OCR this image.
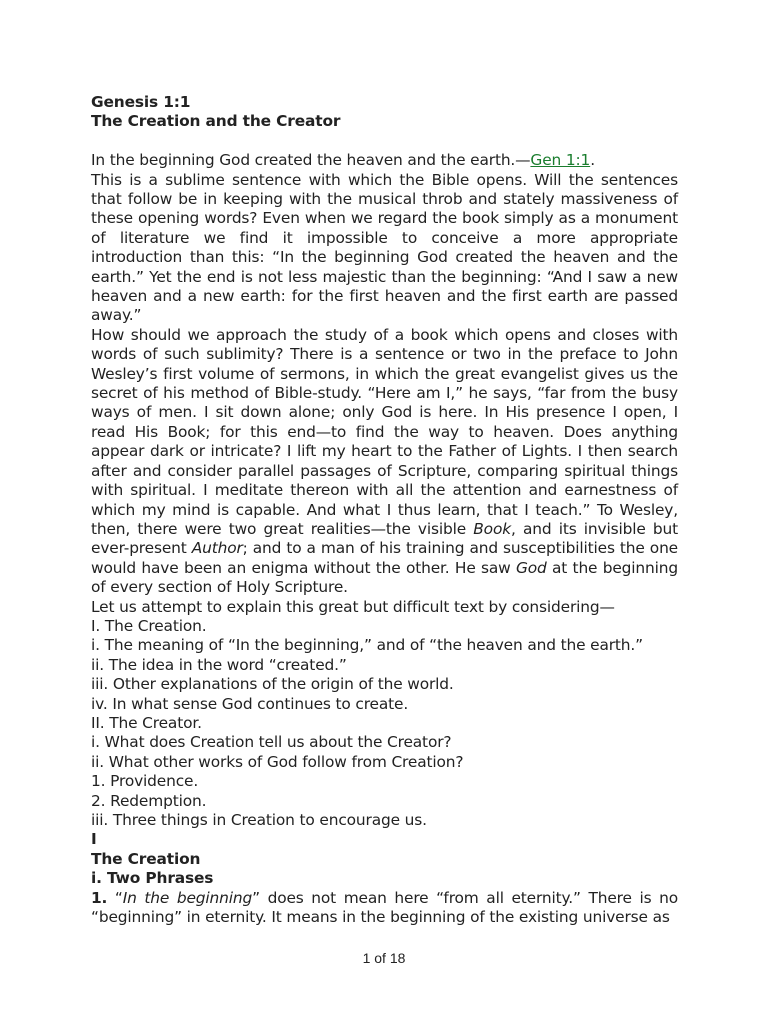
Genesis 1:1

The Creation and the Creator

In the beginning God created the heaven and the earth.—Gen 1:1.

This is a sublime sentence with which the Bible opens. Will the sentences that follow be in keeping with the musical throb and stately massiveness of these opening words? Even when we regard the book simply as a monument of literature we find it impossible to conceive a more appropriate introduction than this: “In the beginning God created the heaven and the earth.” Yet the end is not less majestic than the beginning: “And I saw a new heaven and a new earth: for the first heaven and the first earth are passed away.”

How should we approach the study of a book which opens and closes with words of such sublimity? There is a sentence or two in the preface to John Wesley’s first volume of sermons, in which the great evangelist gives us the secret of his method of Bible-study. “Here am I,” he says, “far from the busy ways of men. I sit down alone; only God is here. In His presence I open, I read His Book; for this end—to find the way to heaven. Does anything appear dark or intricate? I lift my heart to the Father of Lights. I then search after and consider parallel passages of Scripture, comparing spiritual things with spiritual. I meditate thereon with all the attention and earnestness of which my mind is capable. And what I thus learn, that I teach.” To Wesley, then, there were two great realities—the visible Book, and its invisible but ever-present Author; and to a man of his training and susceptibilities the one would have been an enigma without the other. He saw God at the beginning of every section of Holy Scripture.

Let us attempt to explain this great but difficult text by considering—

I. The Creation.

i. The meaning of “In the beginning,” and of “the heaven and the earth.”

ii. The idea in the word “created.”

iii. Other explanations of the origin of the world.

iv. In what sense God continues to create.

II. The Creator.

i. What does Creation tell us about the Creator?

ii. What other works of God follow from Creation?

1. Providence.

2. Redemption.

iii. Three things in Creation to encourage us.

I

The Creation

i. Two Phrases

1. “In the beginning” does not mean here “from all eternity.” There is no “beginning” in eternity. It means in the beginning of the existing universe as

1 of 18
